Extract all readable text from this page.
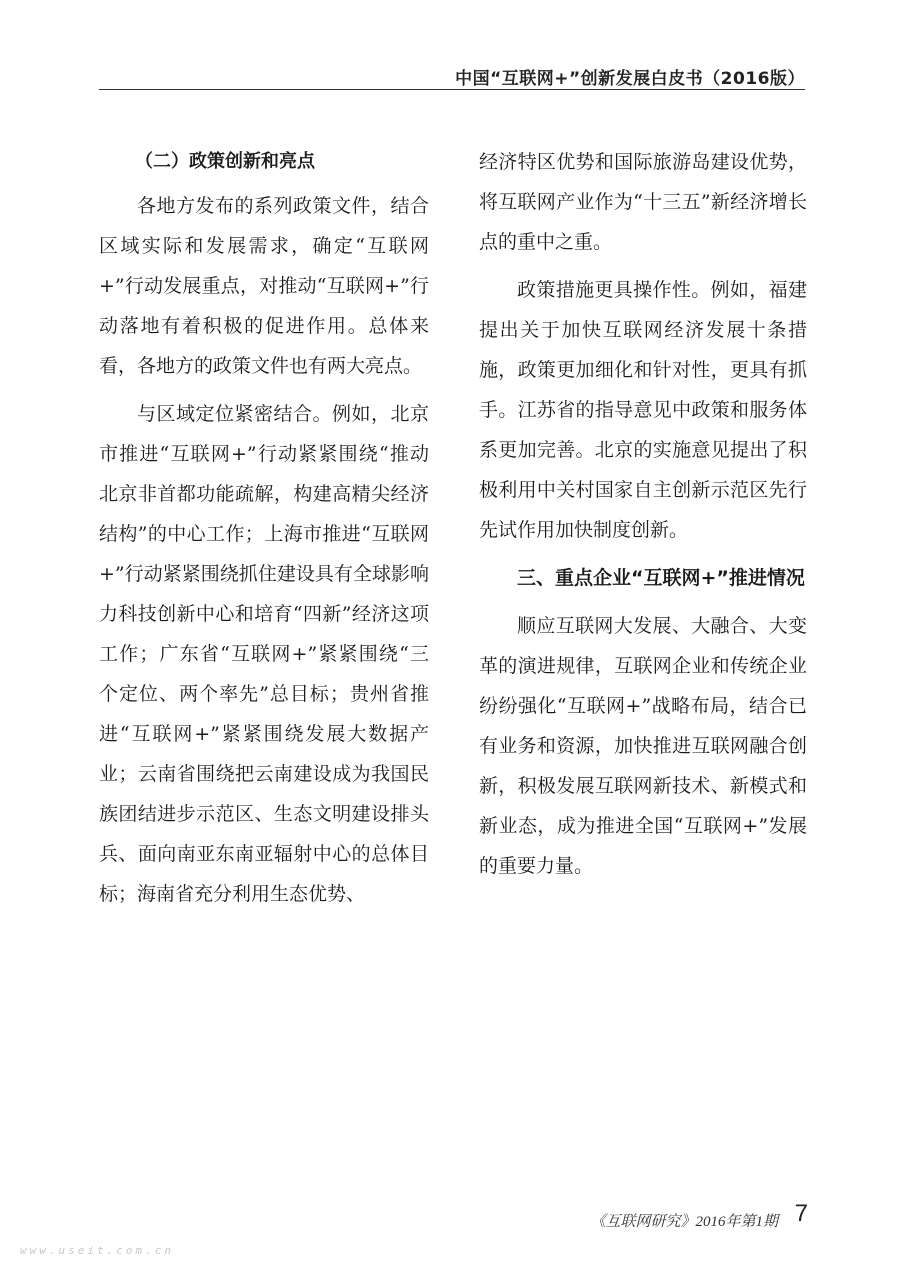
中国“互联网+”创新发展白皮书（2016版）
（二）政策创新和亮点

各地方发布的系列政策文件，结合区域实际和发展需求，确定“互联网+”行动发展重点，对推动“互联网+”行动落地有着积极的促进作用。总体来看，各地方的政策文件也有两大亮点。

与区域定位紧密结合。例如，北京市推进“互联网+”行动紧紧围绕“推动北京非首都功能疏解，构建高精尖经济结构”的中心工作；上海市推进“互联网+”行动紧紧围绕抓住建设具有全球影响力科技创新中心和培育“四新”经济这项工作；广东省“互联网+”紧紧围绕“三个定位、两个率先”总目标；贵州省推进“互联网+”紧紧围绕发展大数据产业；云南省围绕把云南建设成为我国民族团结进步示范区、生态文明建设排头兵、面向南亚东南亚辐射中心的总体目标；海南省充分利用生态优势、

经济特区优势和国际旅游岛建设优势，将互联网产业作为“十三五”新经济增长点的重中之重。

政策措施更具操作性。例如，福建提出关于加快互联网经济发展十条措施，政策更加细化和针对性，更具有抓手。江苏省的指导意见中政策和服务体系更加完善。北京的实施意见提出了积极利用中关村国家自主创新示范区先行先试作用加快制度创新。

三、重点企业“互联网+”推进情况

顺应互联网大发展、大融合、大变革的演进规律，互联网企业和传统企业纷纷强化“互联网+”战略布局，结合已有业务和资源，加快推进互联网融合创新，积极发展互联网新技术、新模式和新业态，成为推进全国“互联网+”发展的重要力量。

《互联网研究》2016年第1期 7
www.useit.com.cn
